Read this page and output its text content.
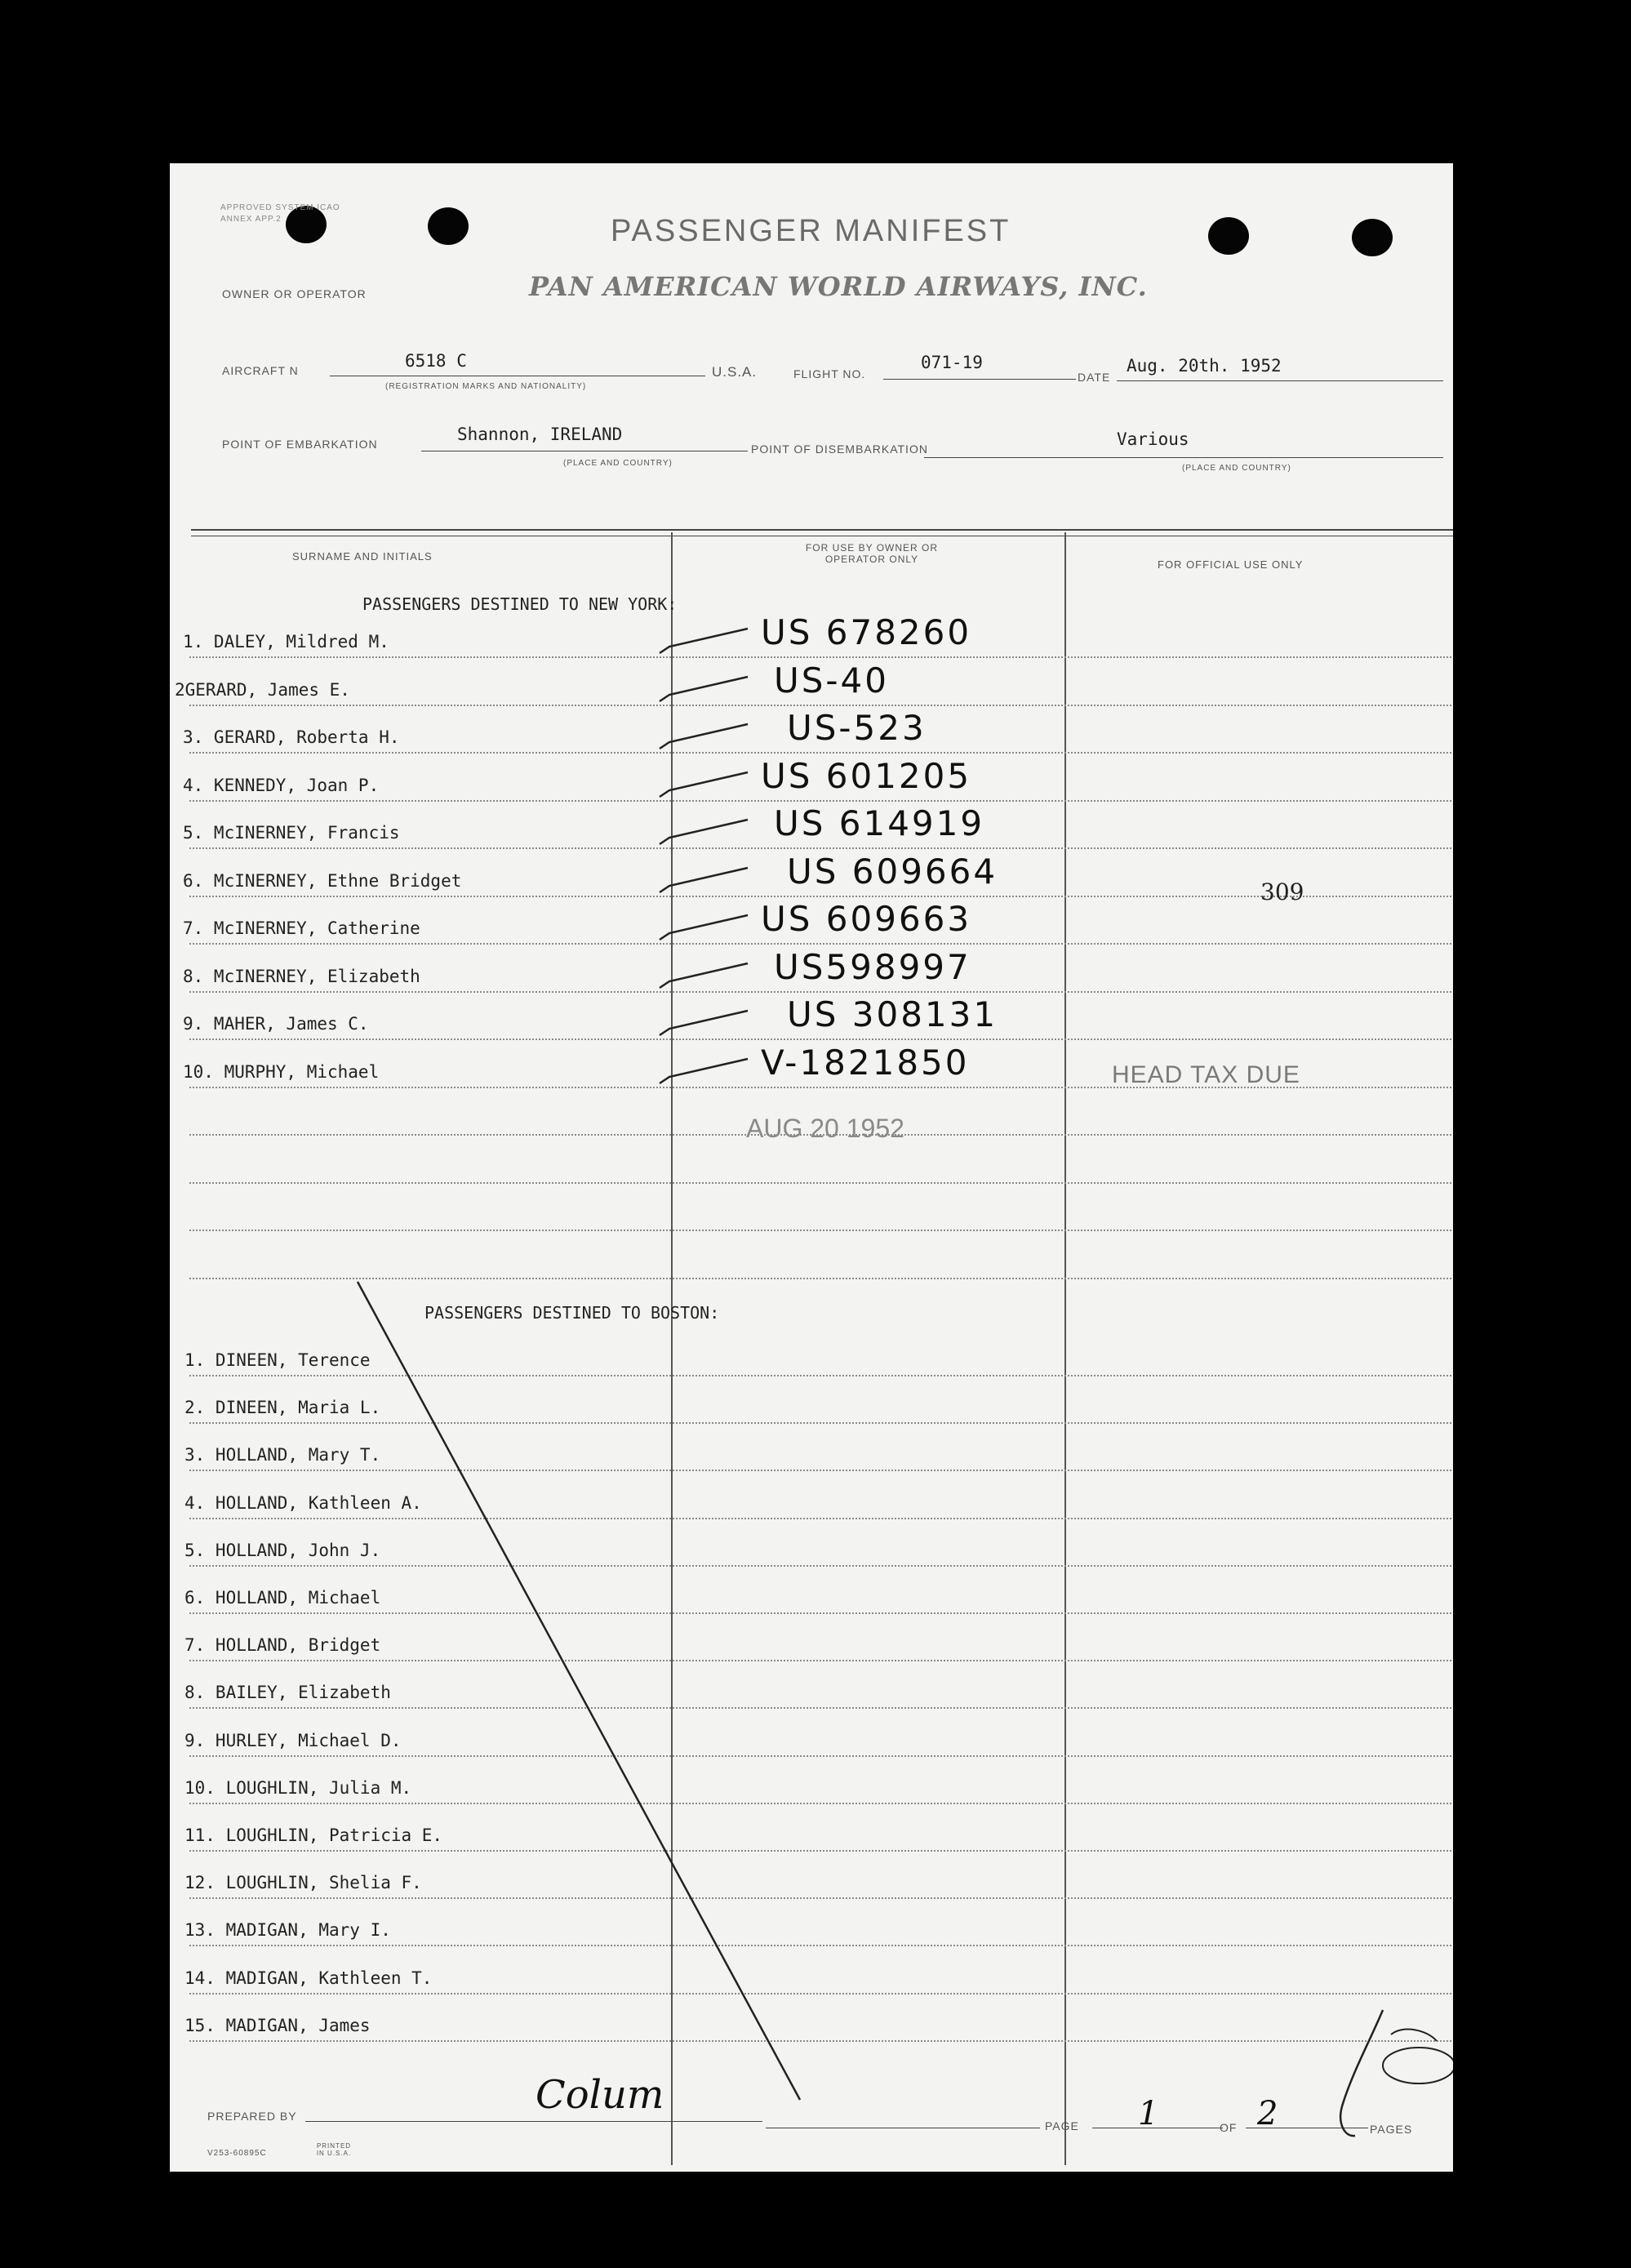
APPROVED SYSTEM ICAO ANNEX APP.2	PASSENGER MANIFEST
OWNER OR OPERATOR	PAN AMERICAN WORLD AIRWAYS, INC.
AIRCRAFT N	6518 C
(REGISTRATION MARKS AND NATIONALITY)
U.S.A.	FLIGHT NO.
071-19
DATE
Aug. 20th. 1952
POINT OF EMBARKATION	Shannon, IRELAND
(PLACE AND COUNTRY)
POINT OF DISEMBARKATION	Various
(PLACE AND COUNTRY)
SURNAME AND INITIALS
FOR USE BY OWNER OR OPERATOR ONLY	FOR OFFICIAL USE ONLY
PASSENGERS DESTINED TO NEW YORK:
1. DALEY, Mildred M.	US 678260
2GERARD, James E.	US-40
3. GERARD, Roberta H.	US-523
4. KENNEDY, Joan P.	US 601205
5. McINERNEY, Francis	US 614919
6. McINERNEY, Ethne Bridget	US 609664
7. McINERNEY, Catherine	US 609663
8. McINERNEY, Elizabeth	US598997
9. MAHER, James C.	US 308131
10. MURPHY, Michael	V-1821850
309
HEAD TAX DUE
AUG 20 1952
PASSENGERS DESTINED TO BOSTON:
1. DINEEN, Terence
2. DINEEN, Maria L.
3. HOLLAND, Mary T.
4. HOLLAND, Kathleen A.
5. HOLLAND, John J.
6. HOLLAND, Michael
7. HOLLAND, Bridget
8. BAILEY, Elizabeth
9. HURLEY, Michael D.
10. LOUGHLIN, Julia M.
11. LOUGHLIN, Patricia E.
12. LOUGHLIN, Shelia F.
13. MADIGAN, Mary I.
14. MADIGAN, Kathleen T.
15. MADIGAN, James
PREPARED BY	Colum
PAGE 1	OF 2	PAGES
V253-60895C
PRINTED IN U.S.A.
